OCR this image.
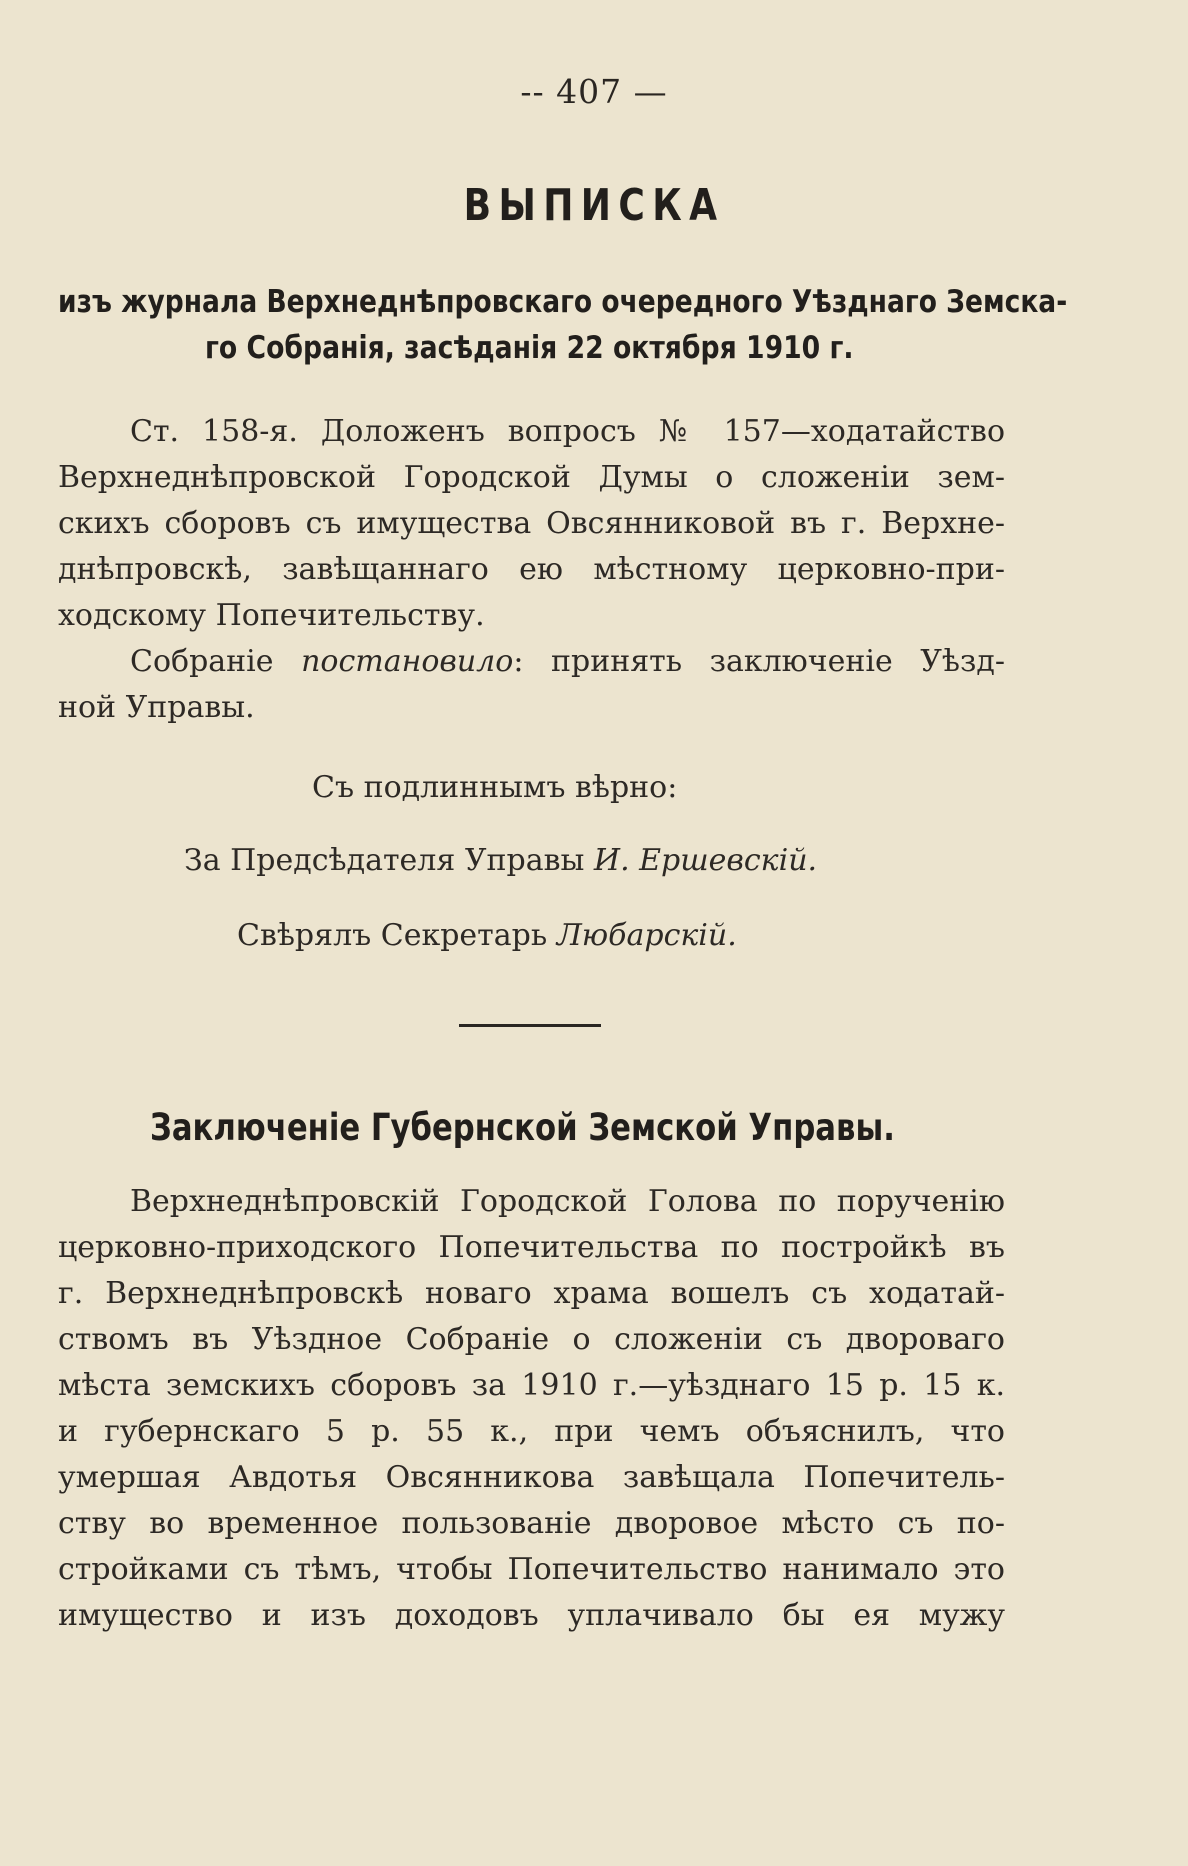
-- 407 —
ВЫПИСКА
изъ журнала Верхнеднѣпровскаго очередного Уѣзднаго Земска-
го Собранія, засѣданія 22 октября 1910 г.
Ст. 158-я. Доложенъ вопросъ № 157—ходатайство
Верхнеднѣпровской Городской Думы о сложеніи зем-
скихъ сборовъ съ имущества Овсянниковой въ г. Верхне-
днѣпровскѣ, завѣщаннаго ею мѣстному церковно-при-
ходскому Попечительству.
Собраніе постановило: принять заключеніе Уѣзд-
ной Управы.
Съ подлиннымъ вѣрно:
За Предсѣдателя Управы И. Ершевскій.
Свѣрялъ Секретарь Любарскій.
Заключеніе Губернской Земской Управы.
Верхнеднѣпровскій Городской Голова по порученію
церковно-приходского Попечительства по постройкѣ въ
г. Верхнеднѣпровскѣ новаго храма вошелъ съ ходатай-
ствомъ въ Уѣздное Собраніе о сложеніи съ двороваго
мѣста земскихъ сборовъ за 1910 г.—уѣзднаго 15 р. 15 к.
и губернскаго 5 р. 55 к., при чемъ объяснилъ, что
умершая Авдотья Овсянникова завѣщала Попечитель-
ству во временное пользованіе дворовое мѣсто съ по-
стройками съ тѣмъ, чтобы Попечительство нанимало это
имущество и изъ доходовъ уплачивало бы ея мужу
